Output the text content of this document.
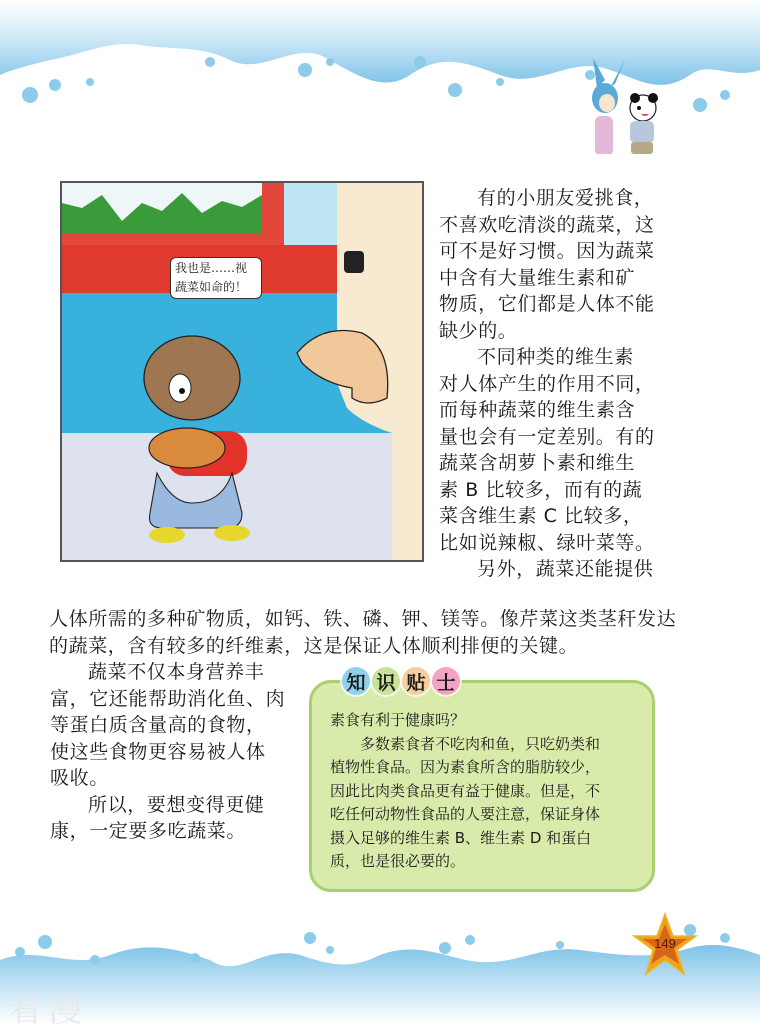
我也是……视

蔬菜如命的！

有的小朋友爱挑食，

不喜欢吃清淡的蔬菜，这

可不是好习惯。因为蔬菜

中含有大量维生素和矿

物质，它们都是人体不能

缺少的。

不同种类的维生素

对人体产生的作用不同，

而每种蔬菜的维生素含

量也会有一定差别。有的

蔬菜含胡萝卜素和维生

素 B 比较多，而有的蔬

菜含维生素 C 比较多，

比如说辣椒、绿叶菜等。

另外，蔬菜还能提供

人体所需的多种矿物质，如钙、铁、磷、钾、镁等。像芹菜这类茎秆发达

的蔬菜，含有较多的纤维素，这是保证人体顺利排便的关键。

蔬菜不仅本身营养丰

富，它还能帮助消化鱼、肉

等蛋白质含量高的食物，

使这些食物更容易被人体

吸收。

所以，要想变得更健

康，一定要多吃蔬菜。

知 识 贴 士

素食有利于健康吗？

多数素食者不吃肉和鱼，只吃奶类和

植物性食品。因为素食所含的脂肪较少，

因此比肉类食品更有益于健康。但是，不

吃任何动物性食品的人要注意，保证身体

摄入足够的维生素 B、维生素 D 和蛋白

质，也是很必要的。

149
看漫
